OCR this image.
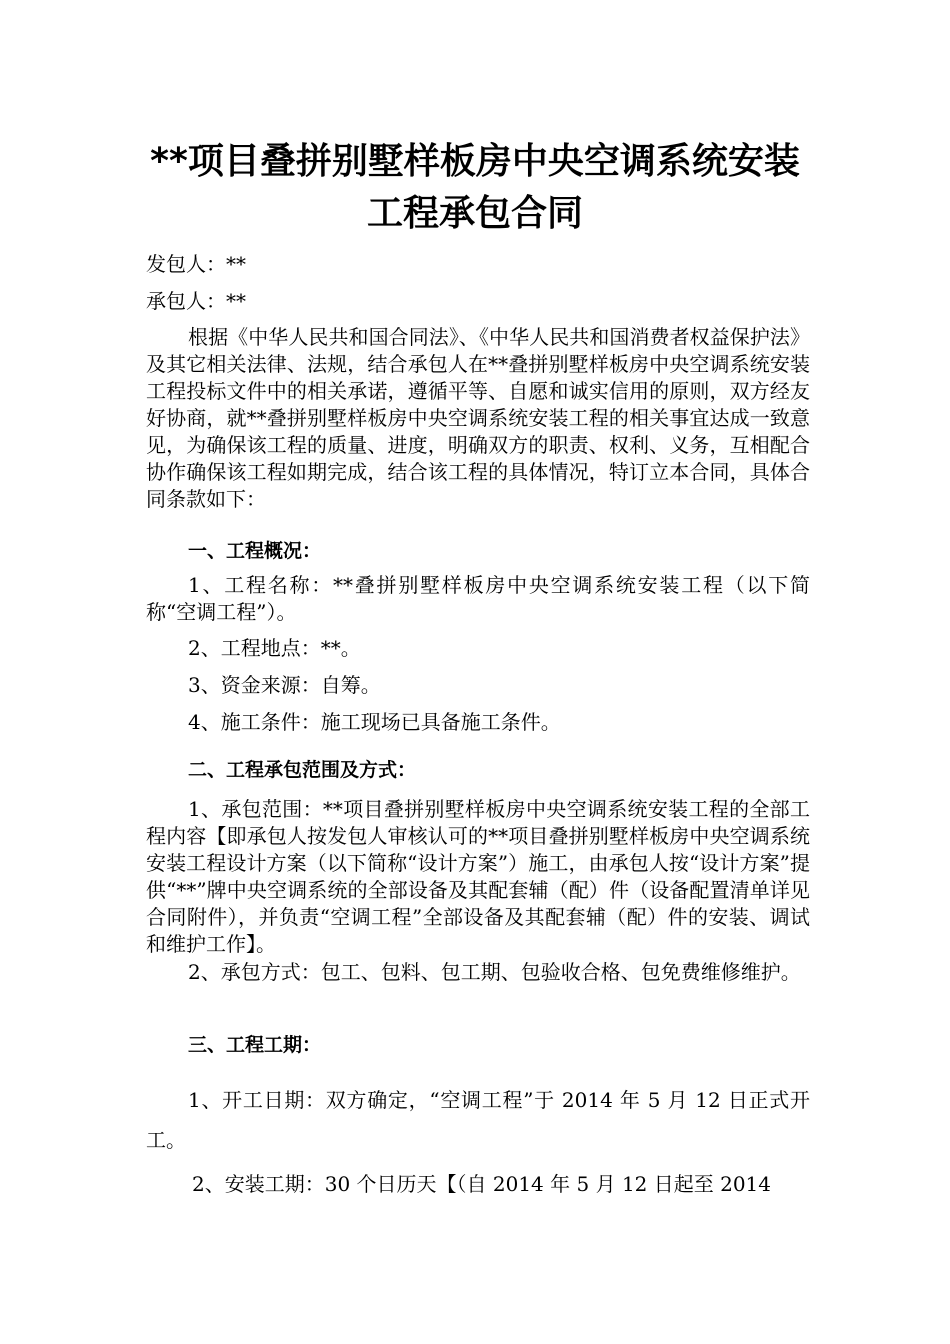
**项目叠拼别墅样板房中央空调系统安装
工程承包合同
发包人：**
承包人：**
根据《中华人民共和国合同法》、《中华人民共和国消费者权益保护法》及其它相关法律、法规，结合承包人在**叠拼别墅样板房中央空调系统安装工程投标文件中的相关承诺，遵循平等、自愿和诚实信用的原则，双方经友好协商，就**叠拼别墅样板房中央空调系统安装工程的相关事宜达成一致意见，为确保该工程的质量、进度，明确双方的职责、权利、义务，互相配合协作确保该工程如期完成，结合该工程的具体情况，特订立本合同，具体合同条款如下：
一、工程概况：
1、工程名称：**叠拼别墅样板房中央空调系统安装工程（以下简称“空调工程”）。
2、工程地点：**。
3、资金来源：自筹。
4、施工条件：施工现场已具备施工条件。
二、工程承包范围及方式：
1、承包范围：**项目叠拼别墅样板房中央空调系统安装工程的全部工程内容【即承包人按发包人审核认可的**项目叠拼别墅样板房中央空调系统安装工程设计方案（以下简称“设计方案”）施工，由承包人按“设计方案”提供“**”牌中央空调系统的全部设备及其配套辅（配）件（设备配置清单详见合同附件），并负责“空调工程”全部设备及其配套辅（配）件的安装、调试和维护工作】。
2、承包方式：包工、包料、包工期、包验收合格、包免费维修维护。
三、工程工期：
1、开工日期：双方确定，“空调工程”于 2014 年 5 月 12 日正式开工。
2、安装工期：30 个日历天【（自 2014 年 5 月 12 日起至 2014
